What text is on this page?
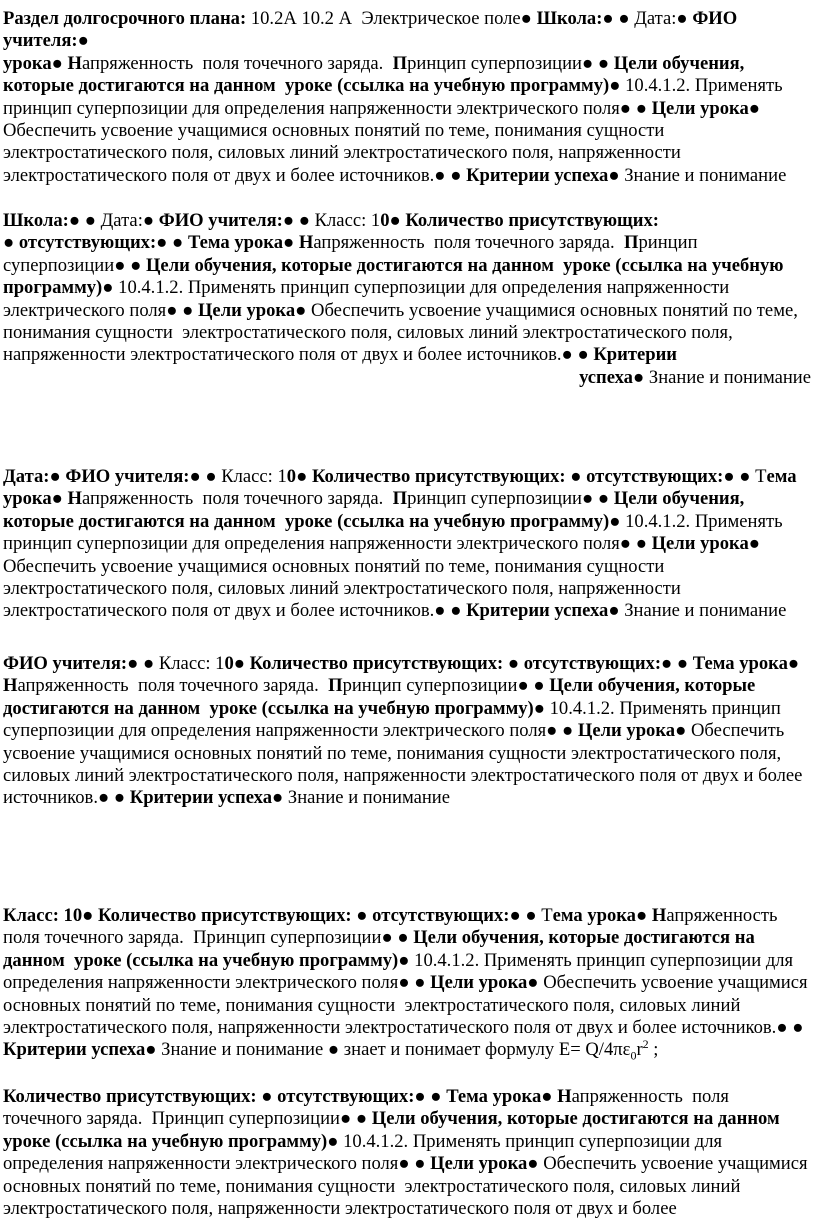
Раздел долгосрочного плана: 10.2А 10.2 А  Электрическое поле● Школа:● ● Дата:● ФИО учителя:●
урока● Напряженность  поля точечного заряда.  Принцип суперпозиции● ● Цели обучения, которые достигаются на данном  уроке (ссылка на учебную программу)● 10.4.1.2. Применять принцип суперпозиции для определения напряженности электрического поля● ● Цели урока● Обеспечить усвоение учащимися основных понятий по теме, понимания сущности электростатического поля, силовых линий электростатического поля, напряженности электростатического поля от двух и более источников.● ● Критерии успеха● Знание и понимание

Школа:● ● Дата:● ФИО учителя:● ● Класс: 10● Количество присутствующих:
● отсутствующих:● ● Тема урока● Напряженность  поля точечного заряда.  Принцип суперпозиции● ● Цели обучения, которые достигаются на данном  уроке (ссылка на учебную программу)● 10.4.1.2. Применять принцип суперпозиции для определения напряженности электрического поля● ● Цели урока● Обеспечить усвоение учащимися основных понятий по теме, понимания сущности  электростатического поля, силовых линий электростатического поля, напряженности электростатического поля от двух и более источников.● ● Критерии
успеха● Знание и понимание

Дата:● ФИО учителя:● ● Класс: 10● Количество присутствующих: ● отсутствующих:● ● Тема урока● Напряженность  поля точечного заряда.  Принцип суперпозиции● ● Цели обучения, которые достигаются на данном  уроке (ссылка на учебную программу)● 10.4.1.2. Применять принцип суперпозиции для определения напряженности электрического поля● ● Цели урока● Обеспечить усвоение учащимися основных понятий по теме, понимания сущности электростатического поля, силовых линий электростатического поля, напряженности электростатического поля от двух и более источников.● ● Критерии успеха● Знание и понимание

ФИО учителя:● ● Класс: 10● Количество присутствующих: ● отсутствующих:● ● Тема урока● Напряженность  поля точечного заряда.  Принцип суперпозиции● ● Цели обучения, которые достигаются на данном  уроке (ссылка на учебную программу)● 10.4.1.2. Применять принцип суперпозиции для определения напряженности электрического поля● ● Цели урока● Обеспечить усвоение учащимися основных понятий по теме, понимания сущности электростатического поля, силовых линий электростатического поля, напряженности электростатического поля от двух и более источников.● ● Критерии успеха● Знание и понимание

Класс: 10● Количество присутствующих: ● отсутствующих:● ● Тема урока● Напряженность поля точечного заряда.  Принцип суперпозиции● ● Цели обучения, которые достигаются на данном  уроке (ссылка на учебную программу)● 10.4.1.2. Применять принцип суперпозиции для определения напряженности электрического поля● ● Цели урока● Обеспечить усвоение учащимися основных понятий по теме, понимания сущности  электростатического поля, силовых линий электростатического поля, напряженности электростатического поля от двух и более источников.● ● Критерии успеха● Знание и понимание ● знает и понимает формулу $Е= Q/4\pi\varepsilon_0r^2$ ;

Количество присутствующих: ● отсутствующих:● ● Тема урока● Напряженность  поля точечного заряда.  Принцип суперпозиции● ● Цели обучения, которые достигаются на данном уроке (ссылка на учебную программу)● 10.4.1.2. Применять принцип суперпозиции для определения напряженности электрического поля● ● Цели урока● Обеспечить усвоение учащимися основных понятий по теме, понимания сущности  электростатического поля, силовых линий электростатического поля, напряженности электростатического поля от двух и более
